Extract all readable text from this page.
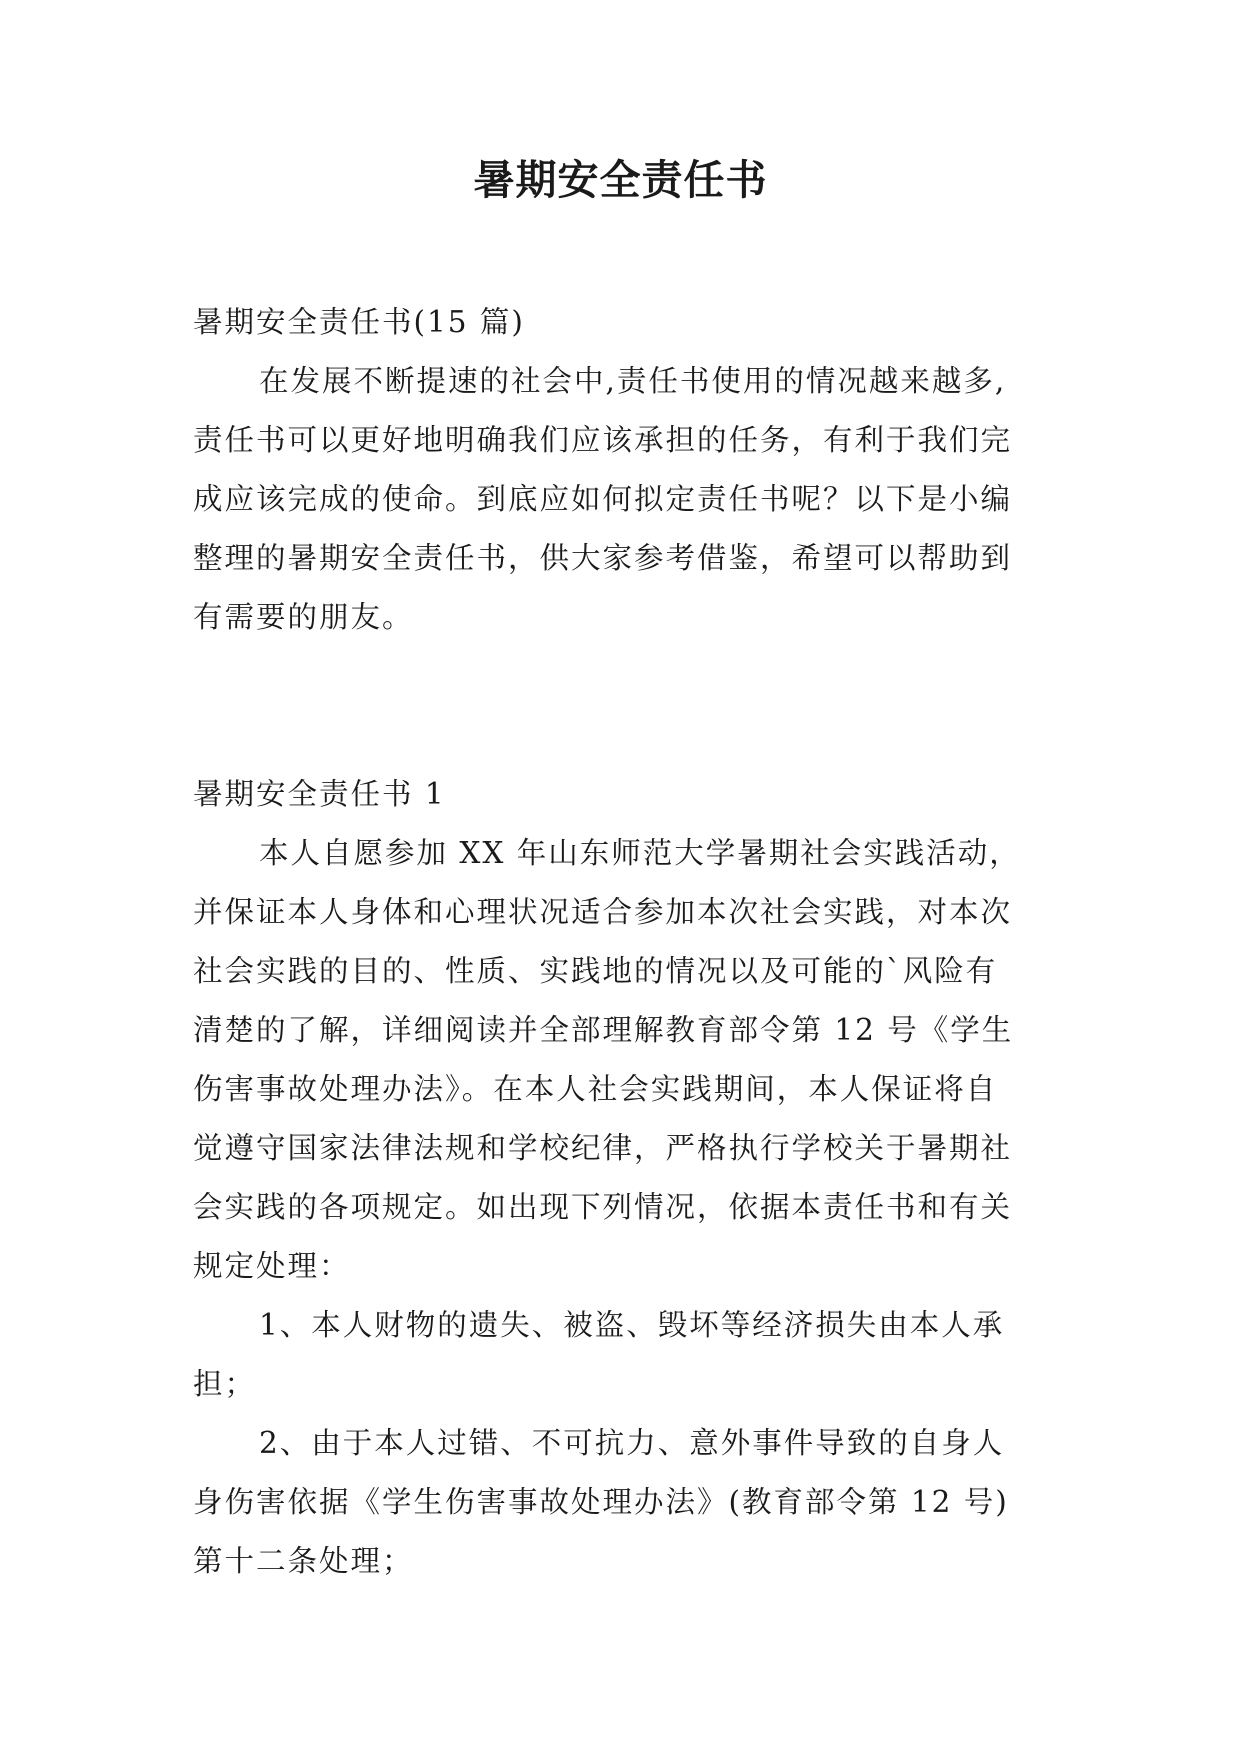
暑期安全责任书
暑期安全责任书(15 篇)
在发展不断提速的社会中,责任书使用的情况越来越多,
责任书可以更好地明确我们应该承担的任务，有利于我们完
成应该完成的使命。到底应如何拟定责任书呢？以下是小编
整理的暑期安全责任书，供大家参考借鉴，希望可以帮助到
有需要的朋友。
暑期安全责任书 1
本人自愿参加 XX 年山东师范大学暑期社会实践活动，
并保证本人身体和心理状况适合参加本次社会实践，对本次
社会实践的目的、性质、实践地的情况以及可能的`风险有
清楚的了解，详细阅读并全部理解教育部令第 12 号《学生
伤害事故处理办法》。在本人社会实践期间，本人保证将自
觉遵守国家法律法规和学校纪律，严格执行学校关于暑期社
会实践的各项规定。如出现下列情况，依据本责任书和有关
规定处理：
1、本人财物的遗失、被盗、毁坏等经济损失由本人承
担；
2、由于本人过错、不可抗力、意外事件导致的自身人
身伤害依据《学生伤害事故处理办法》(教育部令第 12 号)
第十二条处理；
